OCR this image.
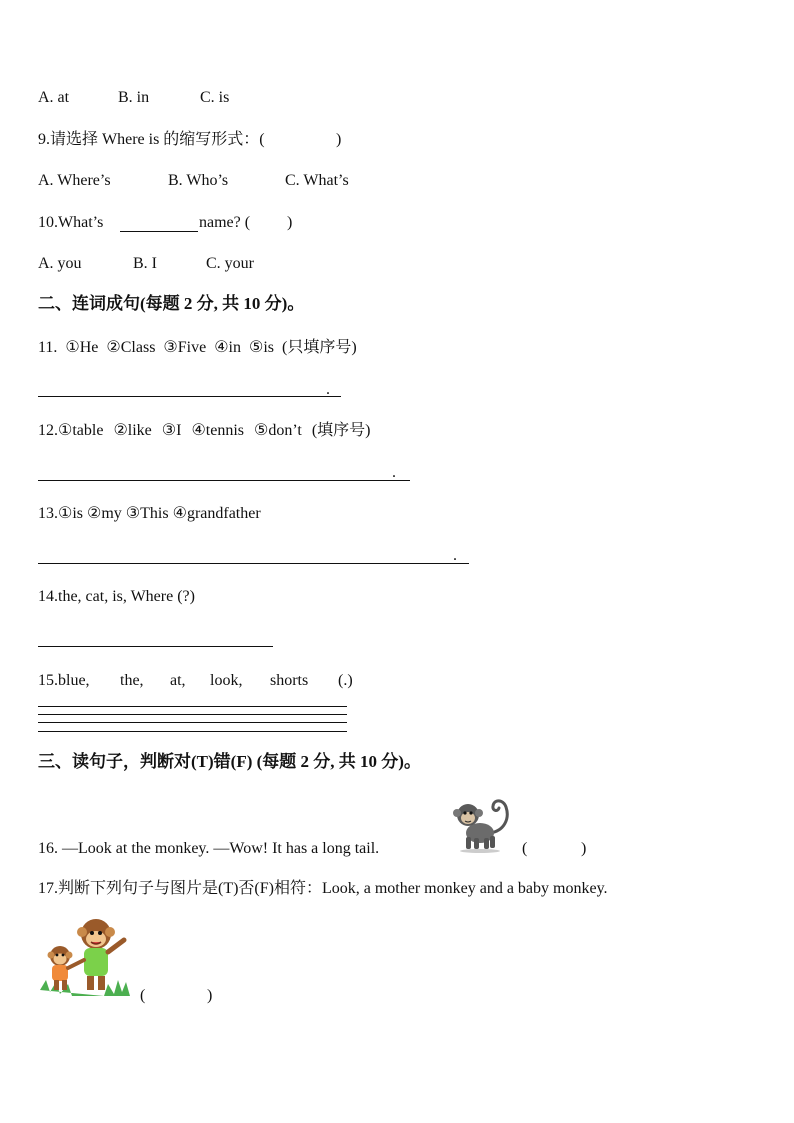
A. at	B. in	C. is
9.请选择 Where is 的缩写形式：(	)
A. Where’s	B. Who’s	C. What’s
10.What’s	name? ( )
A. you	B. I	C. your
二、连词成句(每题 2 分, 共 10 分)。
11. ①He ②Class ③Five ④in ⑤is (只填序号)
.
12.①table ②like ③I ④tennis ⑤don’t (填序号)
.
13.①is ②my ③This ④grandfather
.
14.the, cat, is, Where (?)
15.blue, the, at, look, shorts (.)
三、读句子，判断对(T)错(F) (每题 2 分, 共 10 分)。
16. —Look at the monkey. —Wow! It has a long tail.	(	)
17.判断下列句子与图片是(T)否(F)相符：Look, a mother monkey and a baby monkey.
(	)
